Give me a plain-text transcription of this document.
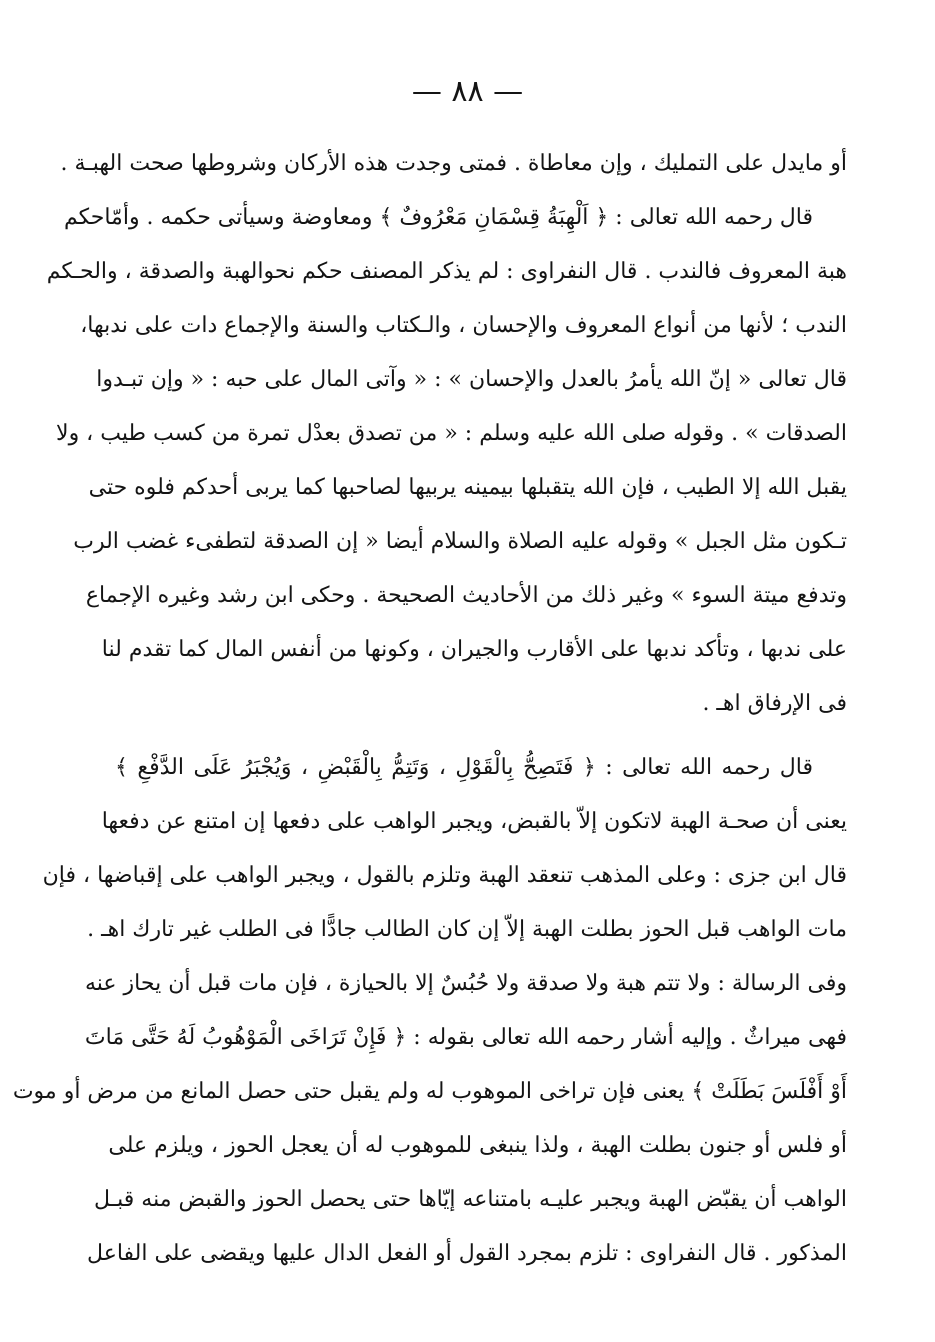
— ٨٨ —
أو مايدل على التمليك ، وإن معاطاة . فمتى وجدت هذه الأركان وشروطها صحت الهبـة .
قال رحمه الله تعالى : ﴿ اَلْهِبَةُ قِسْمَانِ مَعْرُوفٌ ﴾ ومعاوضة وسيأتى حكمه . وأمّاحكم
هبة المعروف فالندب . قال النفراوى : لم يذكر المصنف حكم نحوالهبة والصدقة ، والحـكم
الندب ؛ لأنها من أنواع المعروف والإحسان ، والـكتاب والسنة والإجماع دات على ندبها،
قال تعالى « إنّ الله يأمرُ بالعدل والإحسان » : « وآتى المال على حبه : « وإن تبـدوا
الصدقات » . وقوله صلى الله عليه وسلم : « من تصدق بعدْل تمرة من كسب طيب ، ولا
يقبل الله إلا الطيب ، فإن الله يتقبلها بيمينه يربيها لصاحبها كما يربى أحدكم فلوه حتى
تـكون مثل الجبل » وقوله عليه الصلاة والسلام أيضا « إن الصدقة لتطفىء غضب الرب
وتدفع ميتة السوء » وغير ذلك من الأحاديث الصحيحة . وحكى ابن رشد وغيره الإجماع
على ندبها ، وتأكد ندبها على الأقارب والجيران ، وكونها من أنفس المال كما تقدم لنا
فى الإرفاق اهـ .
قال رحمه الله تعالى : ﴿ فَتَصِحُّ بِالْقَوْلِ ، وَتَتِمُّ بِالْقَبْضِ ، وَيُجْبَرُ عَلَى الدَّفْعِ ﴾
يعنى أن صحـة الهبة لاتكون إلاّ بالقبض، ويجبر الواهب على دفعها إن امتنع عن دفعها
قال ابن جزى : وعلى المذهب تنعقد الهبة وتلزم بالقول ، ويجبر الواهب على إقباضها ، فإن
مات الواهب قبل الحوز بطلت الهبة إلاّ إن كان الطالب جادًّا فى الطلب غير تارك اهـ .
وفى الرسالة : ولا تتم هبة ولا صدقة ولا حُبُسٌ إلا بالحيازة ، فإن مات قبل أن يحاز عنه
فهى ميراثٌ . وإليه أشار رحمه الله تعالى بقوله : ﴿ فَإِنْ تَرَاخَى الْمَوْهُوبُ لَهُ حَتَّى مَاتَ
أَوْ أَفْلَسَ بَطَلَتْ ﴾ يعنى فإن تراخى الموهوب له ولم يقبل حتى حصل المانع من مرض أو موت
أو فلس أو جنون بطلت الهبة ، ولذا ينبغى للموهوب له أن يعجل الحوز ، ويلزم على
الواهب أن يقبّض الهبة ويجبر عليـه بامتناعه إيّاها حتى يحصل الحوز والقبض منه قبـل
المذكور . قال النفراوى : تلزم بمجرد القول أو الفعل الدال عليها ويقضى على الفاعل
